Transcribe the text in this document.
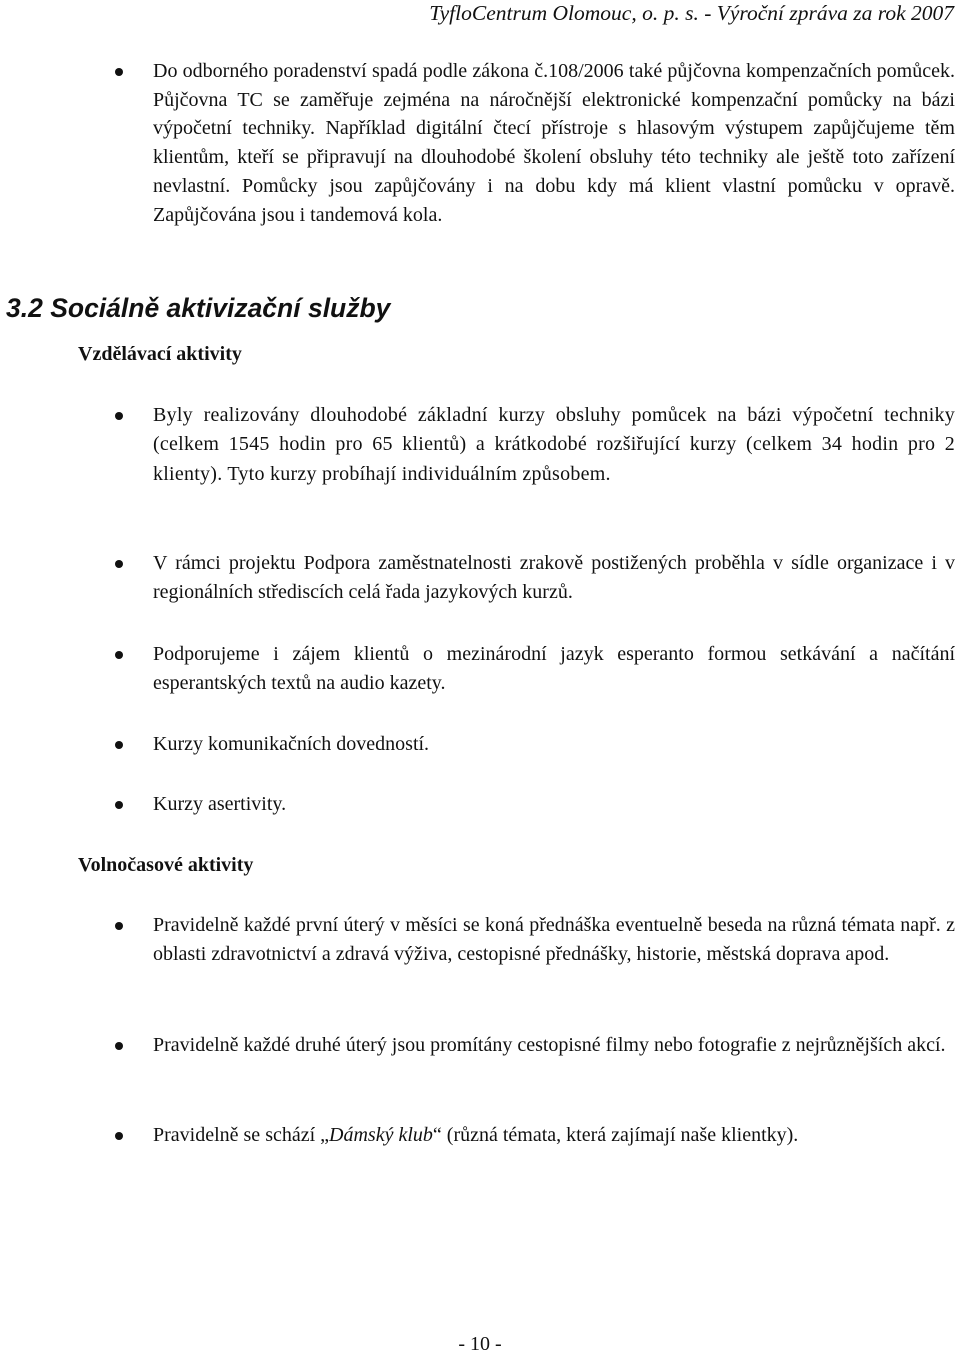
TyfloCentrum Olomouc, o. p. s. - Výroční zpráva za rok 2007
Do odborného poradenství spadá podle zákona č.108/2006 také půjčovna kompenzačních pomůcek. Půjčovna TC se zaměřuje zejména na náročnější elektronické kompenzační pomůcky na bázi výpočetní techniky. Například digitální čtecí přístroje s hlasovým výstupem zapůjčujeme těm klientům, kteří se připravují na dlouhodobé školení obsluhy této techniky ale ještě toto zařízení nevlastní. Pomůcky jsou zapůjčovány i na dobu kdy má klient vlastní pomůcku v opravě. Zapůjčována jsou i tandemová kola.
3.2 Sociálně aktivizační služby
Vzdělávací aktivity
Byly realizovány dlouhodobé základní kurzy obsluhy pomůcek na bázi výpočetní techniky (celkem 1545 hodin pro 65 klientů) a krátkodobé rozšiřující kurzy (celkem 34 hodin pro 2 klienty). Tyto kurzy probíhají individuálním způsobem.
V rámci projektu Podpora zaměstnatelnosti zrakově postižených proběhla v sídle organizace i v regionálních střediscích celá řada jazykových kurzů.
Podporujeme i zájem klientů o mezinárodní jazyk esperanto formou setkávání a načítání esperantských textů na audio kazety.
Kurzy komunikačních dovedností.
Kurzy asertivity.
Volnočasové aktivity
Pravidelně každé první úterý v měsíci se koná přednáška eventuelně beseda na různá témata např. z oblasti zdravotnictví a zdravá výživa, cestopisné přednášky, historie, městská doprava apod.
Pravidelně každé druhé úterý jsou promítány cestopisné filmy nebo fotografie z nejrůznějších akcí.
Pravidelně se schází „Dámský klub“ (různá témata, která zajímají naše klientky).
- 10 -
